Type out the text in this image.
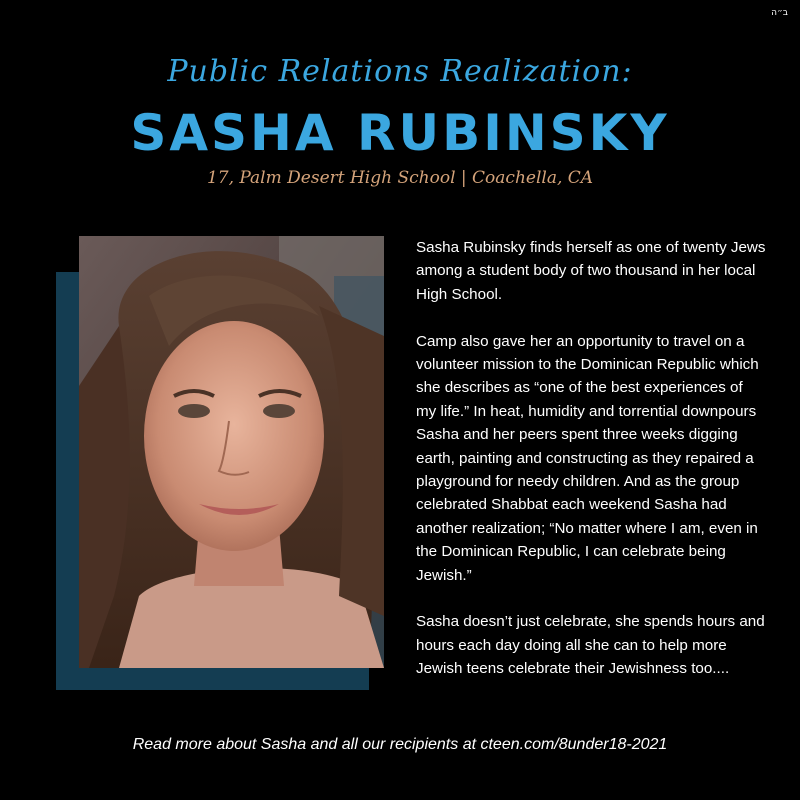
ב״ה
Public Relations Realization:
SASHA RUBINSKY
17, Palm Desert High School | Coachella, CA

Sasha Rubinsky finds herself as one of twenty Jews among a student body of two thousand in her local High School.

Camp also gave her an opportunity to travel on a volunteer mission to the Dominican Republic which she describes as “one of the best experiences of my life.” In heat, humidity and torrential downpours Sasha and her peers spent three weeks digging earth, painting and constructing as they repaired a playground for needy children. And as the group celebrated Shabbat each weekend Sasha had another realization; “No matter where I am, even in the Dominican Republic, I can celebrate being Jewish.”

Sasha doesn’t just celebrate, she spends hours and hours each day doing all she can to help more Jewish teens celebrate their Jewishness too....

Read more about Sasha and all our recipients at cteen.com/8under18-2021
